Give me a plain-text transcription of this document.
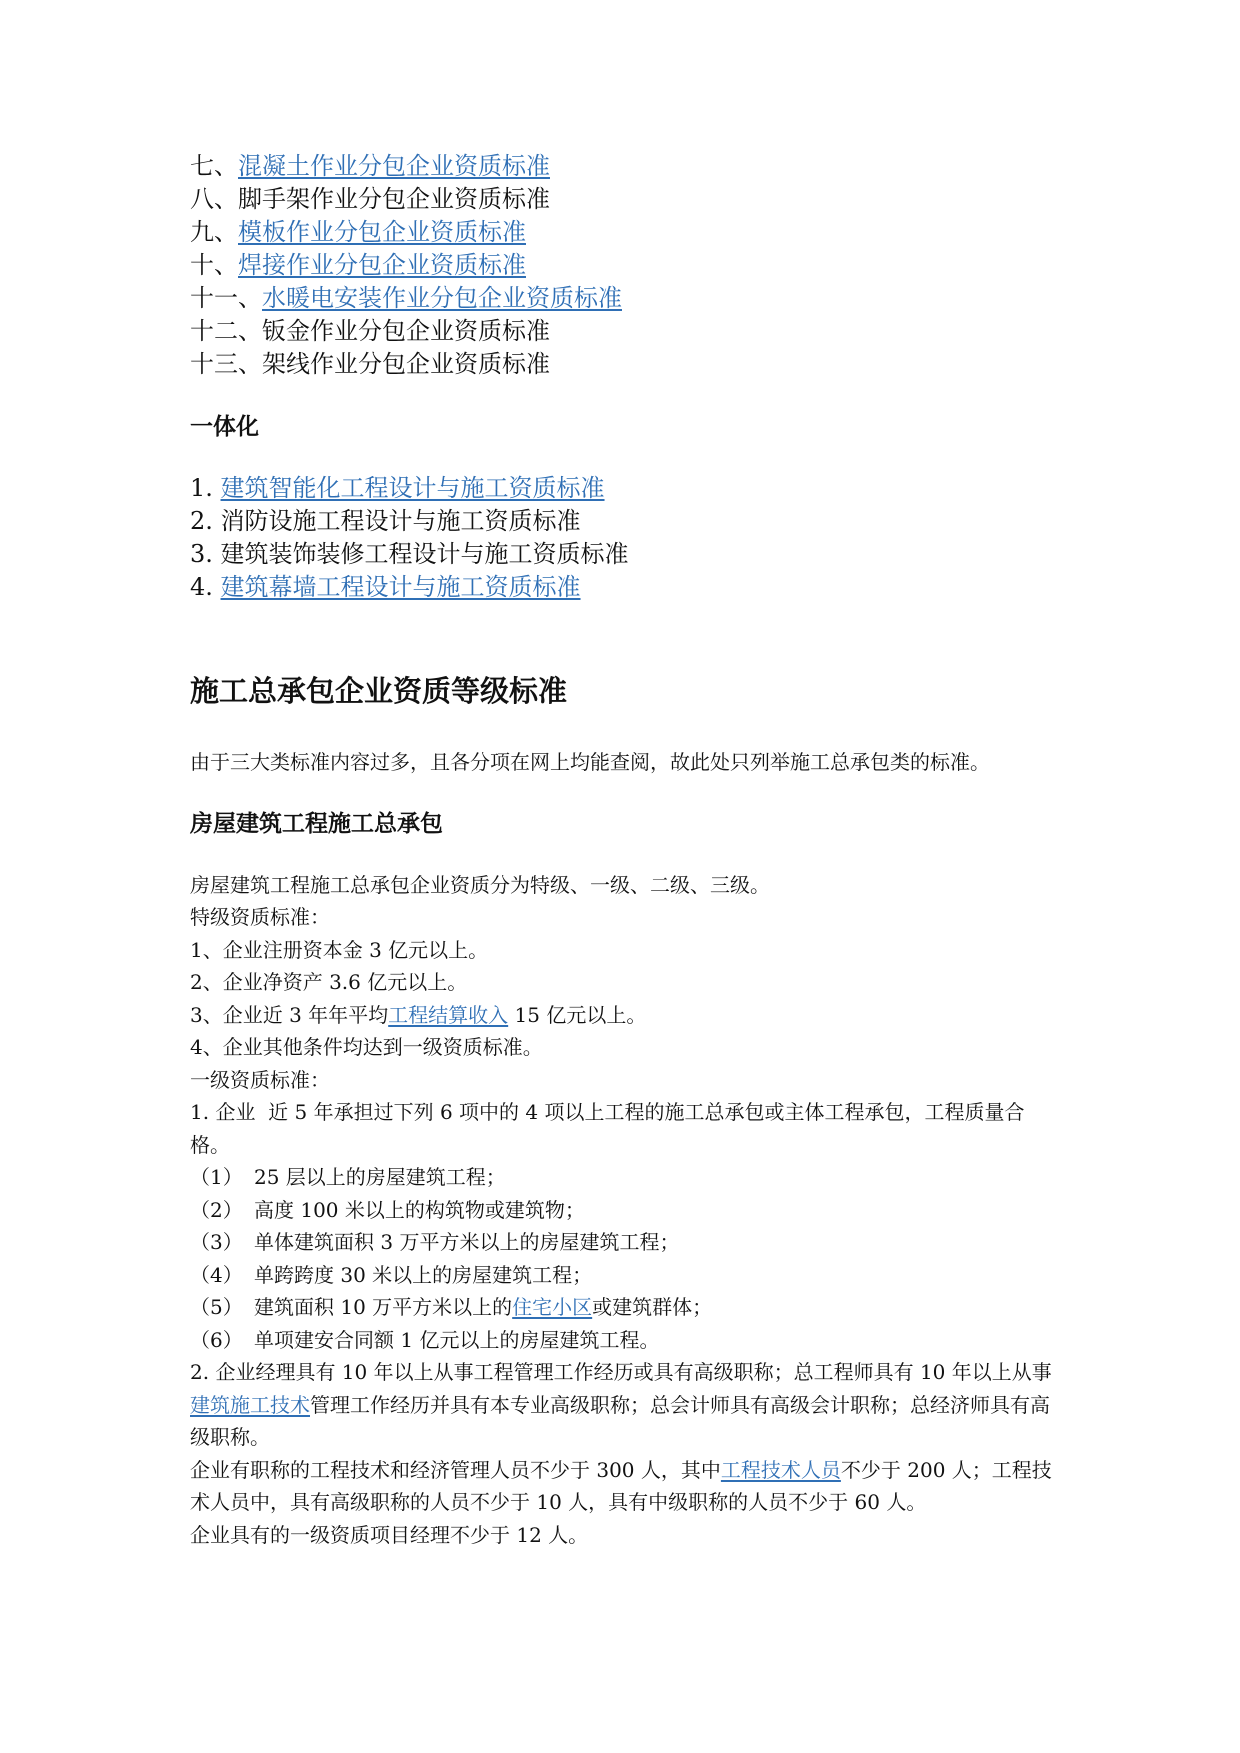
七、混凝土作业分包企业资质标准

八、脚手架作业分包企业资质标准

九、模板作业分包企业资质标准

十、焊接作业分包企业资质标准

十一、水暖电安装作业分包企业资质标准

十二、钣金作业分包企业资质标准

十三、架线作业分包企业资质标准

一体化

1. 建筑智能化工程设计与施工资质标准

2. 消防设施工程设计与施工资质标准

3. 建筑装饰装修工程设计与施工资质标准

4. 建筑幕墙工程设计与施工资质标准

施工总承包企业资质等级标准

由于三大类标准内容过多，且各分项在网上均能查阅，故此处只列举施工总承包类的标准。

房屋建筑工程施工总承包

房屋建筑工程施工总承包企业资质分为特级、一级、二级、三级。

特级资质标准：

1、企业注册资本金 3 亿元以上。

2、企业净资产 3.6 亿元以上。

3、企业近 3 年年平均工程结算收入 15 亿元以上。

4、企业其他条件均达到一级资质标准。

一级资质标准：

1. 企业  近 5 年承担过下列 6 项中的 4 项以上工程的施工总承包或主体工程承包，工程质量合格。

（1） 25 层以上的房屋建筑工程；

（2） 高度 100 米以上的构筑物或建筑物；

（3） 单体建筑面积 3 万平方米以上的房屋建筑工程；

（4） 单跨跨度 30 米以上的房屋建筑工程；

（5） 建筑面积 10 万平方米以上的住宅小区或建筑群体；

（6） 单项建安合同额 1 亿元以上的房屋建筑工程。

2. 企业经理具有 10 年以上从事工程管理工作经历或具有高级职称；总工程师具有 10 年以上从事建筑施工技术管理工作经历并具有本专业高级职称；总会计师具有高级会计职称；总经济师具有高级职称。

企业有职称的工程技术和经济管理人员不少于 300 人，其中工程技术人员不少于 200 人；工程技术人员中，具有高级职称的人员不少于 10 人，具有中级职称的人员不少于 60 人。

企业具有的一级资质项目经理不少于 12 人。
